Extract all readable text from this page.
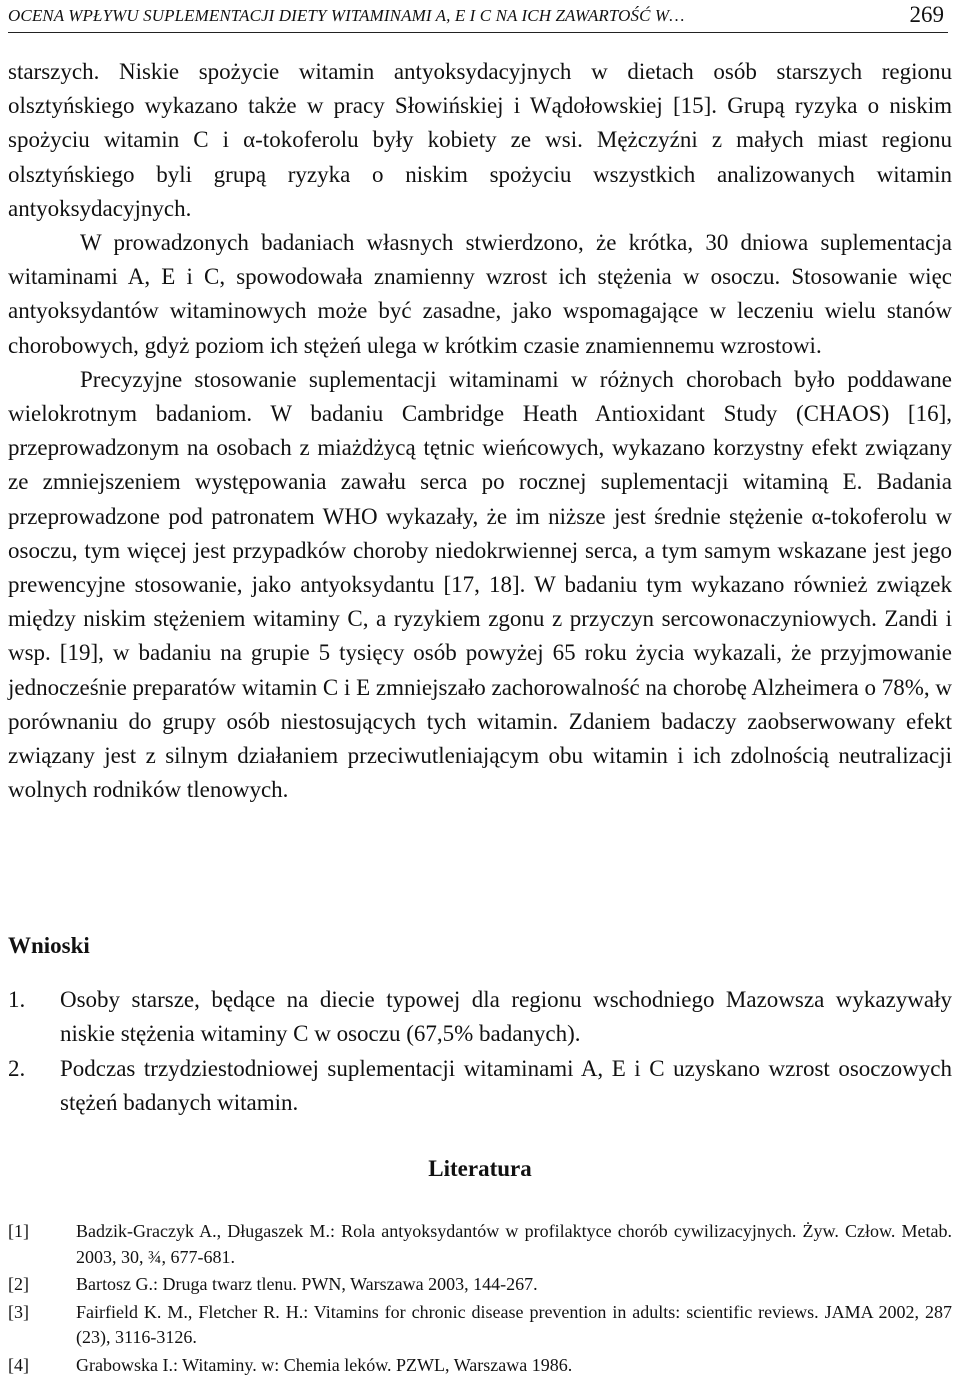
OCENA WPŁYWU SUPLEMENTACJI DIETY WITAMINAMI A, E I C NA ICH ZAWARTOŚĆ W…	269

starszych. Niskie spożycie witamin antyoksydacyjnych w dietach osób starszych regionu olsztyńskiego wykazano także w pracy Słowińskiej i Wądołowskiej [15]. Grupą ryzyka o niskim spożyciu witamin C i α-tokoferolu były kobiety ze wsi. Mężczyźni z małych miast regionu olsztyńskiego byli grupą ryzyka o niskim spożyciu wszystkich analizowanych witamin antyoksydacyjnych.

W prowadzonych badaniach własnych stwierdzono, że krótka, 30 dniowa suplementacja witaminami A, E i C, spowodowała znamienny wzrost ich stężenia w osoczu. Stosowanie więc antyoksydantów witaminowych może być zasadne, jako wspomagające w leczeniu wielu stanów chorobowych, gdyż poziom ich stężeń ulega w krótkim czasie znamiennemu wzrostowi.

Precyzyjne stosowanie suplementacji witaminami w różnych chorobach było poddawane wielokrotnym badaniom. W badaniu Cambridge Heath Antioxidant Study (CHAOS) [16], przeprowadzonym na osobach z miażdżycą tętnic wieńcowych, wykazano korzystny efekt związany ze zmniejszeniem występowania zawału serca po rocznej suplementacji witaminą E. Badania przeprowadzone pod patronatem WHO wykazały, że im niższe jest średnie stężenie α-tokoferolu w osoczu, tym więcej jest przypadków choroby niedokrwiennej serca, a tym samym wskazane jest jego prewencyjne stosowanie, jako antyoksydantu [17, 18]. W badaniu tym wykazano również związek między niskim stężeniem witaminy C, a ryzykiem zgonu z przyczyn sercowonaczyniowych. Zandi i wsp. [19], w badaniu na grupie 5 tysięcy osób powyżej 65 roku życia wykazali, że przyjmowanie jednocześnie preparatów witamin C i E zmniejszało zachorowalność na chorobę Alzheimera o 78%, w porównaniu do grupy osób niestosujących tych witamin. Zdaniem badaczy zaobserwowany efekt związany jest z silnym działaniem przeciwutleniającym obu witamin i ich zdolnością neutralizacji wolnych rodników tlenowych.

Wnioski

1. Osoby starsze, będące na diecie typowej dla regionu wschodniego Mazowsza wykazywały niskie stężenia witaminy C w osoczu (67,5% badanych).

2. Podczas trzydziestodniowej suplementacji witaminami A, E i C uzyskano wzrost osoczowych stężeń badanych witamin.

Literatura

[1]	Badzik-Graczyk A., Długaszek M.: Rola antyoksydantów w profilaktyce chorób cywilizacyjnych. Żyw. Człow. Metab. 2003, 30, ¾, 677-681.

[2]	Bartosz G.: Druga twarz tlenu. PWN, Warszawa 2003, 144-267.

[3]	Fairfield K. M., Fletcher R. H.: Vitamins for chronic disease prevention in adults: scientific reviews. JAMA 2002, 287 (23), 3116-3126.

[4]	Grabowska I.: Witaminy. w: Chemia leków. PZWL, Warszawa 1986.
